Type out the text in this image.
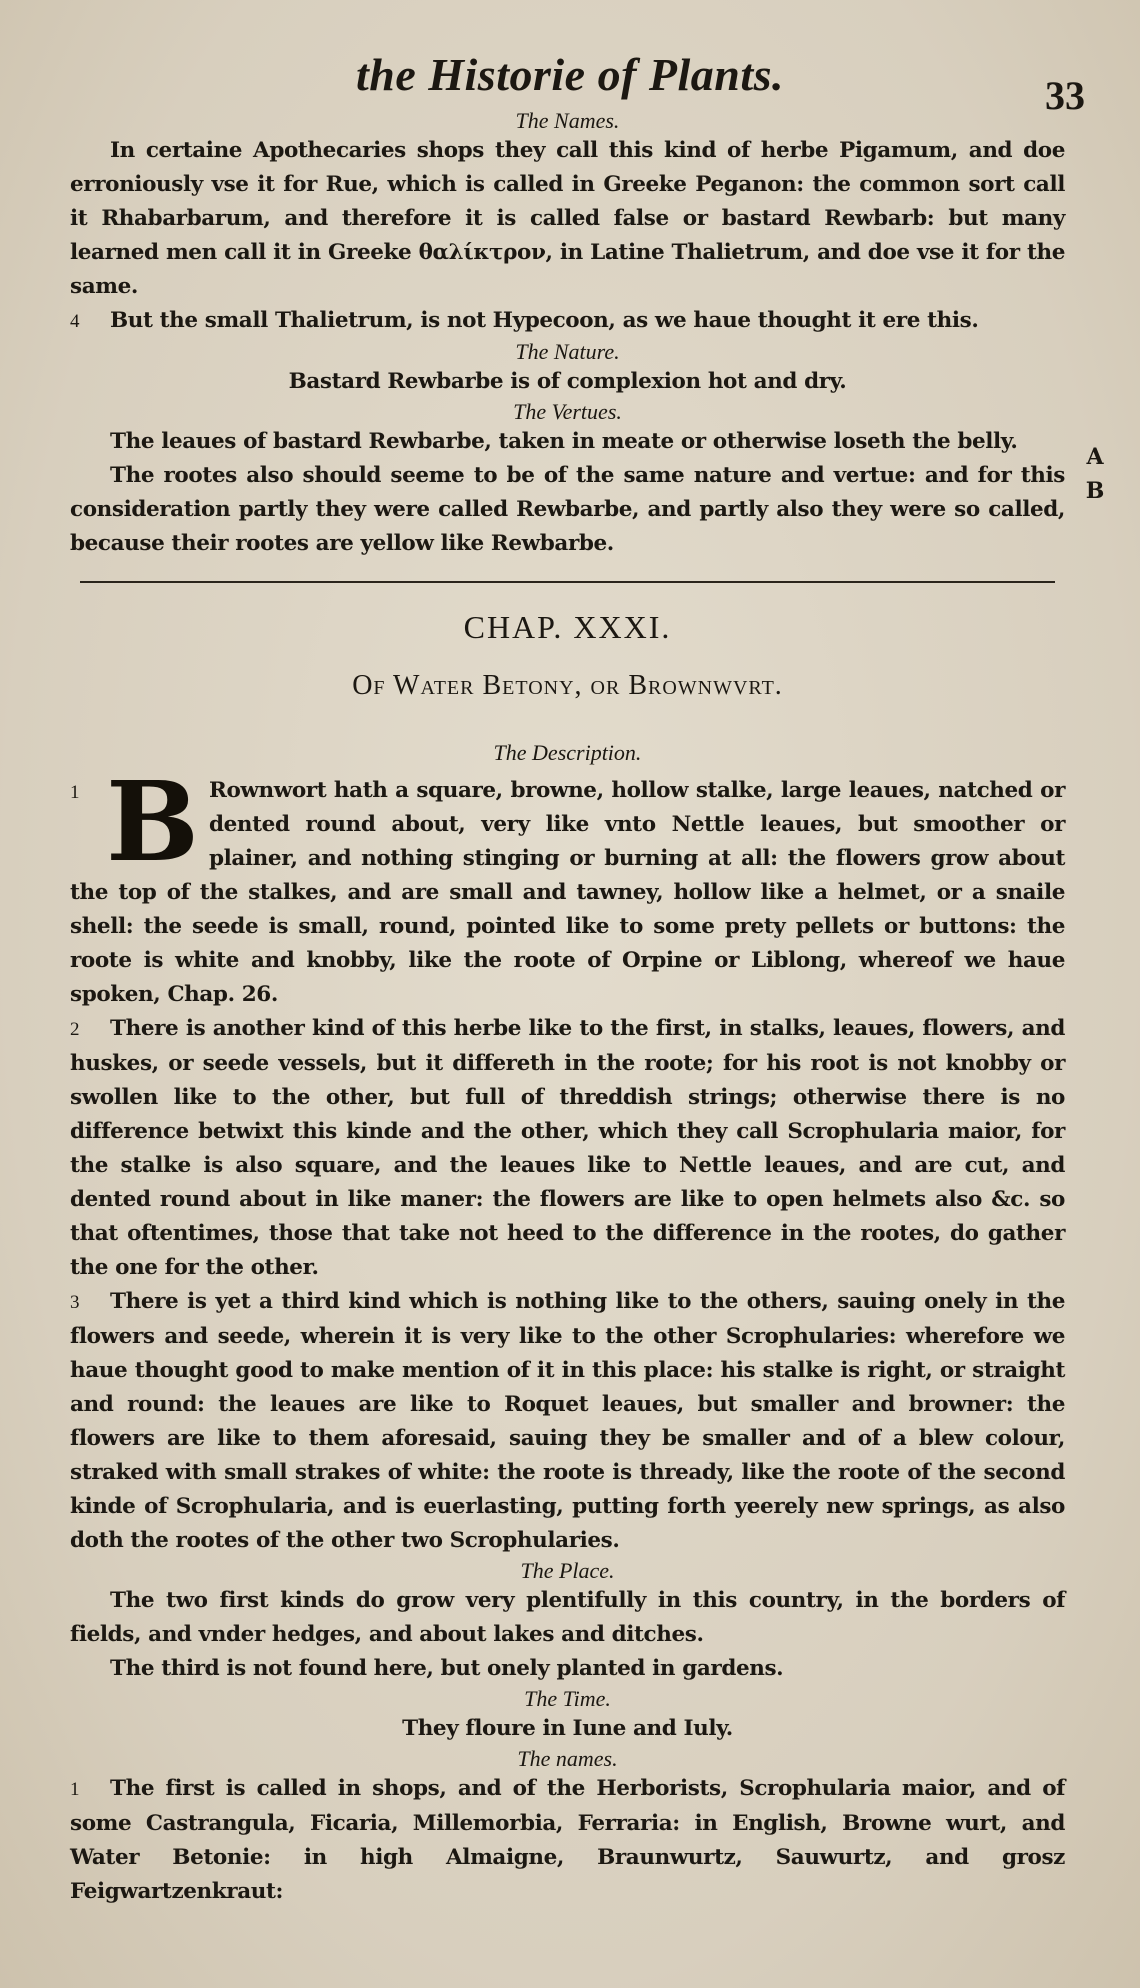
the Historie of Plants.	33
A
B

The Names.

In certaine Apothecaries shops they call this kind of herbe Pigamum, and doe erroniously vse it for Rue, which is called in Greeke Peganon: the common sort call it Rhabarbarum, and therefore it is called false or bastard Rewbarb: but many learned men call it in Greeke θαλίκτρον, in Latine Thalietrum, and doe vse it for the same.

4 But the small Thalietrum, is not Hypecoon, as we haue thought it ere this.

The Nature.

Bastard Rewbarbe is of complexion hot and dry.

The Vertues.

The leaues of bastard Rewbarbe, taken in meate or otherwise loseth the belly.

The rootes also should seeme to be of the same nature and vertue: and for this consideration partly they were called Rewbarbe, and partly also they were so called, because their rootes are yellow like Rewbarbe.

CHAP. XXXI.
Of Water Betony, or Brownwvrt.

The Description.

1 B Rownwort hath a square, browne, hollow stalke, large leaues, natched or dented round about, very like vnto Nettle leaues, but smoother or plainer, and nothing stinging or burning at all: the flowers grow about the top of the stalkes, and are small and tawney, hollow like a helmet, or a snaile shell: the seede is small, round, pointed like to some prety pellets or buttons: the roote is white and knobby, like the roote of Orpine or Liblong, whereof we haue spoken, Chap. 26.

2 There is another kind of this herbe like to the first, in stalks, leaues, flowers, and huskes, or seede vessels, but it differeth in the roote; for his root is not knobby or swollen like to the other, but full of threddish strings; otherwise there is no difference betwixt this kinde and the other, which they call Scrophularia maior, for the stalke is also square, and the leaues like to Nettle leaues, and are cut, and dented round about in like maner: the flowers are like to open helmets also &c. so that oftentimes, those that take not heed to the difference in the rootes, do gather the one for the other.

3 There is yet a third kind which is nothing like to the others, sauing onely in the flowers and seede, wherein it is very like to the other Scrophularies: wherefore we haue thought good to make mention of it in this place: his stalke is right, or straight and round: the leaues are like to Roquet leaues, but smaller and browner: the flowers are like to them aforesaid, sauing they be smaller and of a blew colour, straked with small strakes of white: the roote is thready, like the roote of the second kinde of Scrophularia, and is euerlasting, putting forth yeerely new springs, as also doth the rootes of the other two Scrophularies.

The Place.

The two first kinds do grow very plentifully in this country, in the borders of fields, and vnder hedges, and about lakes and ditches.

The third is not found here, but onely planted in gardens.

The Time.

They floure in Iune and Iuly.

The names.

1 The first is called in shops, and of the Herborists, Scrophularia maior, and of some Castrangula, Ficaria, Millemorbia, Ferraria: in English, Browne wurt, and Water Betonie: in high Almaigne, Braunwurtz, Sauwurtz, and grosz Feigwartzenkraut:
